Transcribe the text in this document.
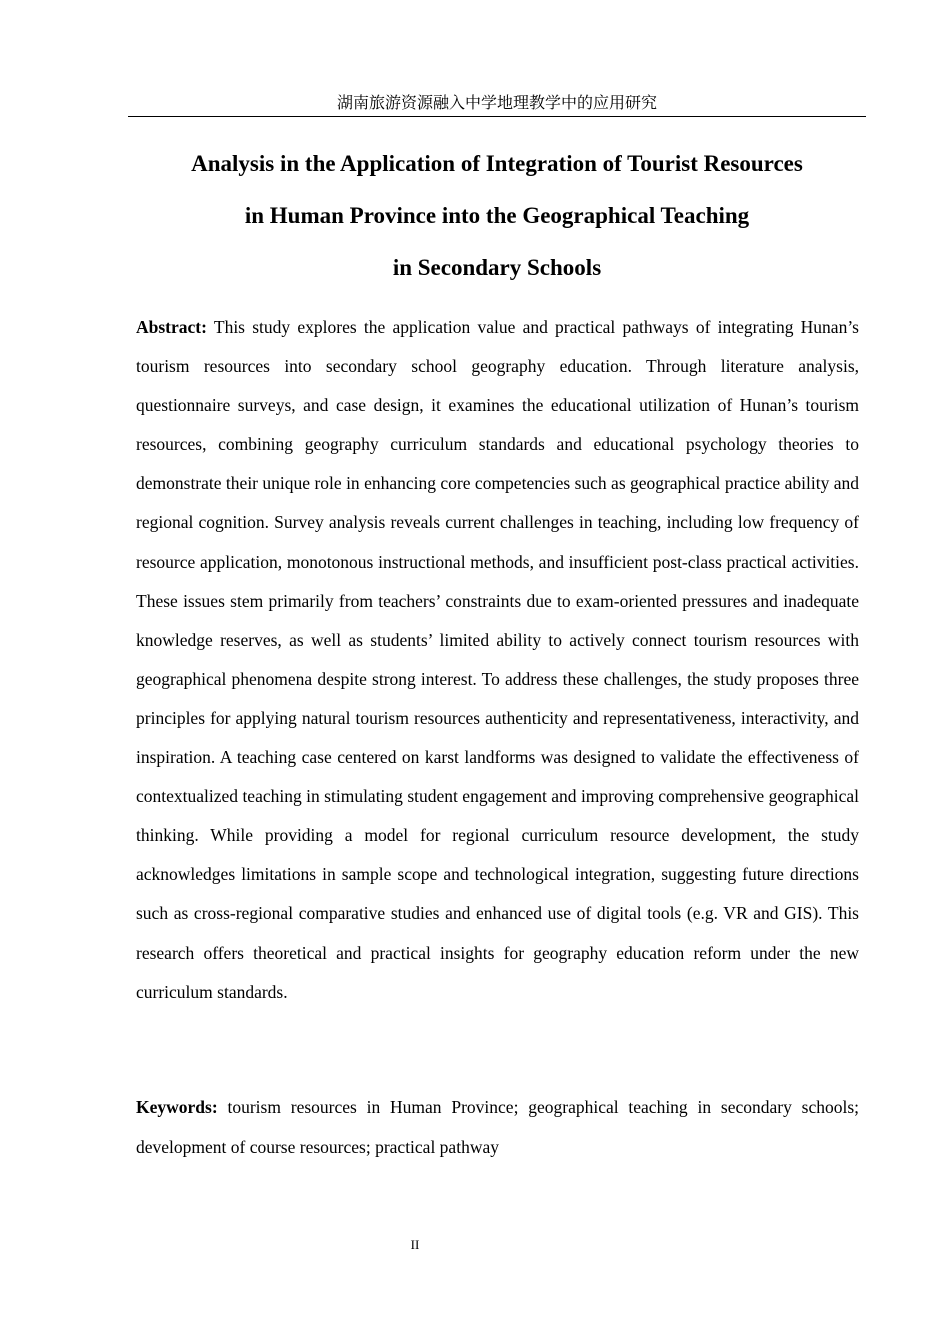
湖南旅游资源融入中学地理教学中的应用研究
Analysis in the Application of Integration of Tourist Resources
in Human Province into the Geographical Teaching
in Secondary Schools

Abstract: This study explores the application value and practical pathways of integrating Hunan’s tourism resources into secondary school geography education. Through literature analysis, questionnaire surveys, and case design, it examines the educational utilization of Hunan’s tourism resources, combining geography curriculum standards and educational psychology theories to demonstrate their unique role in enhancing core competencies such as geographical practice ability and regional cognition. Survey analysis reveals current challenges in teaching, including low frequency of resource application, monotonous instructional methods, and insufficient post-class practical activities. These issues stem primarily from teachers’ constraints due to exam-oriented pressures and inadequate knowledge reserves, as well as students’ limited ability to actively connect tourism resources with geographical phenomena despite strong interest. To address these challenges, the study proposes three principles for applying natural tourism resources authenticity and representativeness, interactivity, and inspiration. A teaching case centered on karst landforms was designed to validate the effectiveness of contextualized teaching in stimulating student engagement and improving comprehensive geographical thinking. While providing a model for regional curriculum resource development, the study acknowledges limitations in sample scope and technological integration, suggesting future directions such as cross-regional comparative studies and enhanced use of digital tools (e.g. VR and GIS). This research offers theoretical and practical insights for geography education reform under the new curriculum standards.

Keywords: tourism resources in Human Province; geographical teaching in secondary schools; development of course resources; practical pathway

II
